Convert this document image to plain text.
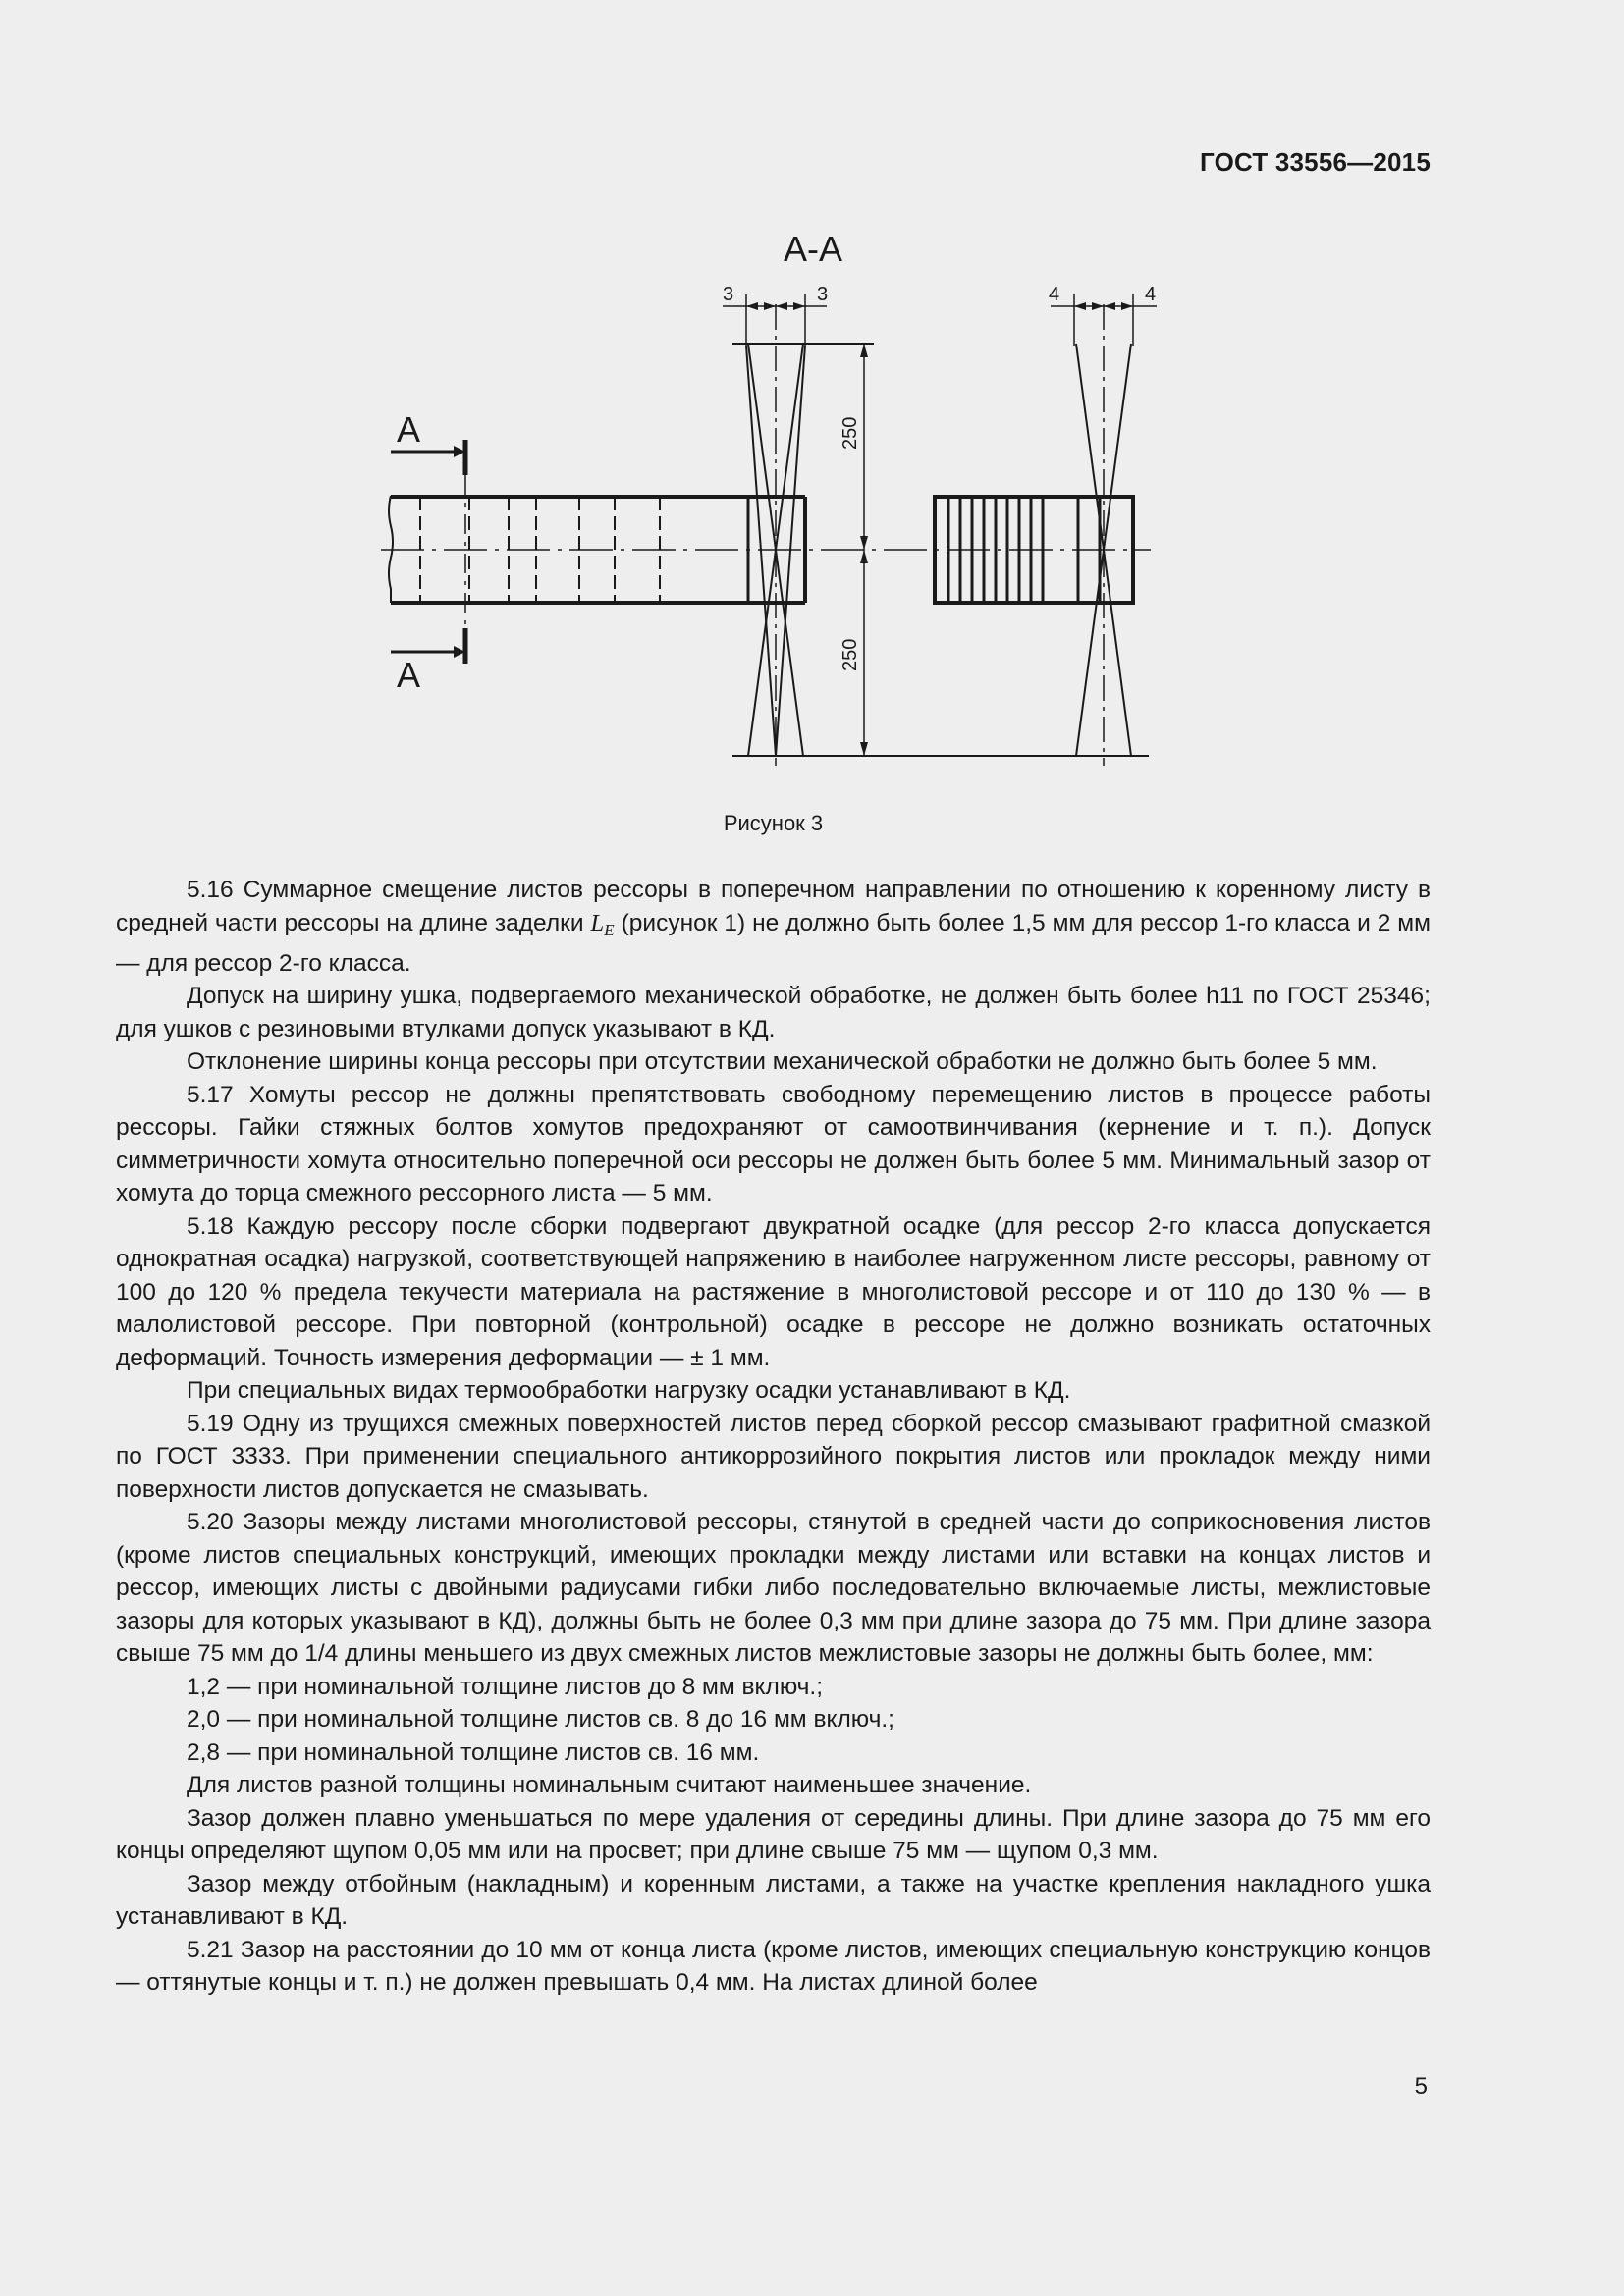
ГОСТ 33556—2015
А-А
А
А
3	3	4	4
250
250
Рисунок 3

5.16 Суммарное смещение листов рессоры в поперечном направлении по отношению к коренному листу в средней части рессоры на длине заделки $L_E$ (рисунок 1) не должно быть более 1,5 мм для рессор 1-го класса и 2 мм — для рессор 2-го класса.

Допуск на ширину ушка, подвергаемого механической обработке, не должен быть более h11 по ГОСТ 25346; для ушков с резиновыми втулками допуск указывают в КД.

Отклонение ширины конца рессоры при отсутствии механической обработки не должно быть более 5 мм.

5.17 Хомуты рессор не должны препятствовать свободному перемещению листов в процессе работы рессоры. Гайки стяжных болтов хомутов предохраняют от самоотвинчивания (кернение и т. п.). Допуск симметричности хомута относительно поперечной оси рессоры не должен быть более 5 мм. Минимальный зазор от хомута до торца смежного рессорного листа — 5 мм.

5.18 Каждую рессору после сборки подвергают двукратной осадке (для рессор 2-го класса допускается однократная осадка) нагрузкой, соответствующей напряжению в наиболее нагруженном листе рессоры, равному от 100 до 120 % предела текучести материала на растяжение в многолистовой рессоре и от 110 до 130 % — в малолистовой рессоре. При повторной (контрольной) осадке в рессоре не должно возникать остаточных деформаций. Точность измерения деформации — ± 1 мм.

При специальных видах термообработки нагрузку осадки устанавливают в КД.

5.19 Одну из трущихся смежных поверхностей листов перед сборкой рессор смазывают графитной смазкой по ГОСТ 3333. При применении специального антикоррозийного покрытия листов или прокладок между ними поверхности листов допускается не смазывать.

5.20 Зазоры между листами многолистовой рессоры, стянутой в средней части до соприкосновения листов (кроме листов специальных конструкций, имеющих прокладки между листами или вставки на концах листов и рессор, имеющих листы с двойными радиусами гибки либо последовательно включаемые листы, межлистовые зазоры для которых указывают в КД), должны быть не более 0,3 мм при длине зазора до 75 мм. При длине зазора свыше 75 мм до 1/4 длины меньшего из двух смежных листов межлистовые зазоры не должны быть более, мм:

1,2 — при номинальной толщине листов до 8 мм включ.;

2,0 — при номинальной толщине листов св. 8 до 16 мм включ.;

2,8 — при номинальной толщине листов св. 16 мм.

Для листов разной толщины номинальным считают наименьшее значение.

Зазор должен плавно уменьшаться по мере удаления от середины длины. При длине зазора до 75 мм его концы определяют щупом 0,05 мм или на просвет; при длине свыше 75 мм — щупом 0,3 мм.

Зазор между отбойным (накладным) и коренным листами, а также на участке крепления накладного ушка устанавливают в КД.

5.21 Зазор на расстоянии до 10 мм от конца листа (кроме листов, имеющих специальную конструкцию концов — оттянутые концы и т. п.) не должен превышать 0,4 мм. На листах длиной более

5
